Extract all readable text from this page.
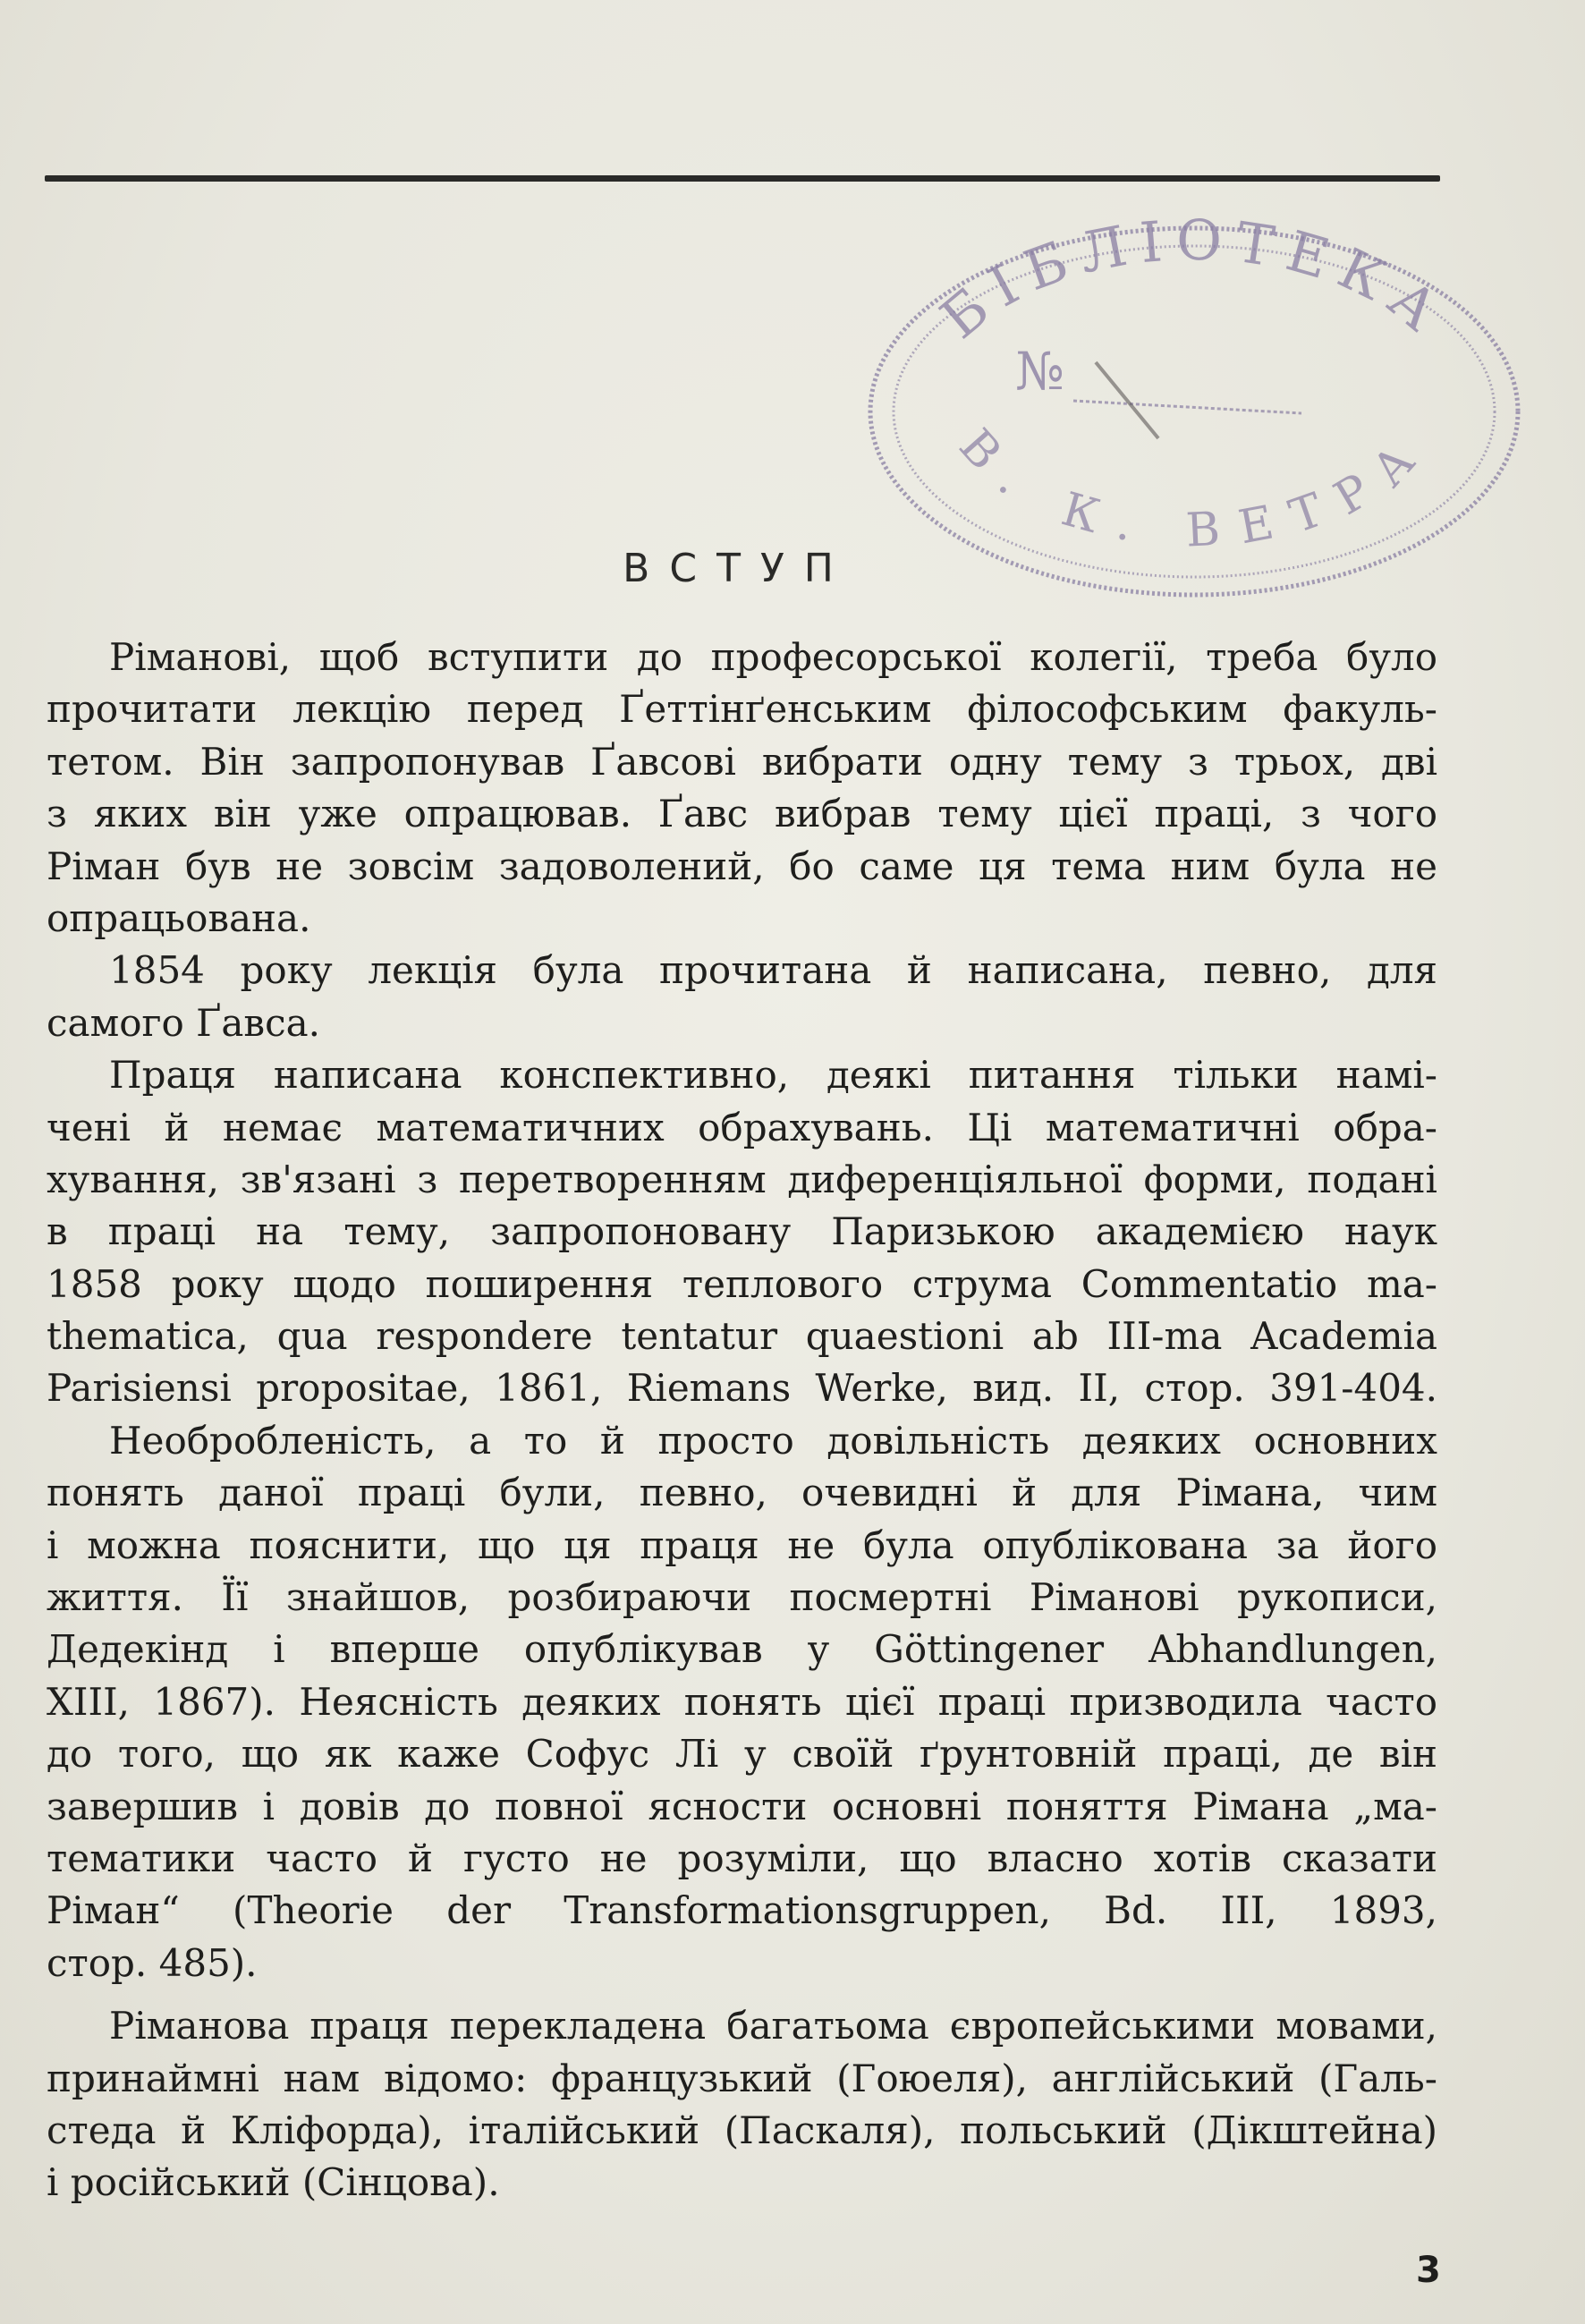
БІБЛІОТЕКА
В. К. ВЕТРА
№
ВСТУП
Рімановi, щоб вступити до професорської колегії, треба було
прочитати лекцію перед Ґеттінґенським філософським факуль-
тетом. Він запропонував Ґавсові вибрати одну тему з трьох, дві
з яких він уже опрацював. Ґавс вибрав тему цієї праці, з чого
Ріман був не зовсім задоволений, бо саме ця тема ним була не
опрацьована.
1854 року лекція була прочитана й написана, певно, для
самого Ґавса.
Праця написана конспективно, деякі питання тільки намі-
чені й немає математичних обрахувань. Ці математичні обра-
хування, зв'язані з перетворенням диференціяльної форми, подані
в праці на тему, запропоновану Паризькою академією наук
1858 року щодо поширення теплового струма Commentatio ma-
thematica, qua respondere tentatur quaestioni ab III-ma Academia
Parisiensi propositae, 1861, Riemans Werke, вид. II, стор. 391-404.
Необробленість, а то й просто довільність деяких основних
понять даної праці були, певно, очевидні й для Рімана, чим
і можна пояснити, що ця праця не була опублікована за його
життя. Її знайшов, розбираючи посмертні Рімановi рукописи,
Дедекінд і вперше опублікував у Göttingener Abhandlungen,
XIII, 1867). Неясність деяких понять цієї праці призводила часто
до того, що як каже Софус Лі у своїй ґрунтовній праці, де він
завершив і довів до повної ясности основні поняття Рімана „ма-
тематики часто й густо не розуміли, що власно хотів сказати
Ріман“ (Theorie der Transformationsgruppen, Bd. III, 1893,
стор. 485).
Ріманова праця перекладена багатьома європейськими мовами,
принаймні нам відомо: французький (Гоюеля), англійський (Галь-
стеда й Кліфорда), італійський (Паскаля), польський (Дікштейна)
і російський (Сінцова).
3
